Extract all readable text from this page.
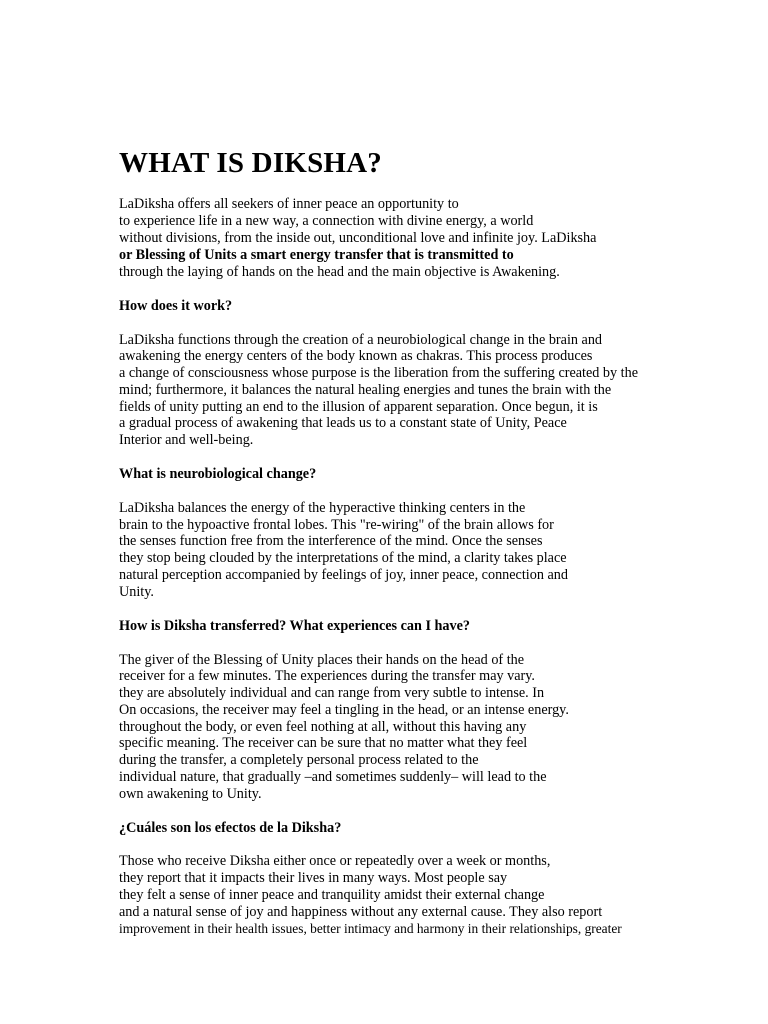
WHAT IS DIKSHA?
LaDiksha offers all seekers of inner peace an opportunity to
to experience life in a new way, a connection with divine energy, a world
without divisions, from the inside out, unconditional love and infinite joy. LaDiksha
or Blessing of Units a smart energy transfer that is transmitted to
through the laying of hands on the head and the main objective is Awakening.
How does it work?
LaDiksha functions through the creation of a neurobiological change in the brain and
awakening the energy centers of the body known as chakras. This process produces
a change of consciousness whose purpose is the liberation from the suffering created by the
mind; furthermore, it balances the natural healing energies and tunes the brain with the
fields of unity putting an end to the illusion of apparent separation. Once begun, it is
a gradual process of awakening that leads us to a constant state of Unity, Peace
Interior and well-being.
What is neurobiological change?
LaDiksha balances the energy of the hyperactive thinking centers in the
brain to the hypoactive frontal lobes. This "re-wiring" of the brain allows for
the senses function free from the interference of the mind. Once the senses
they stop being clouded by the interpretations of the mind, a clarity takes place
natural perception accompanied by feelings of joy, inner peace, connection and
Unity.
How is Diksha transferred? What experiences can I have?
The giver of the Blessing of Unity places their hands on the head of the
receiver for a few minutes. The experiences during the transfer may vary.
they are absolutely individual and can range from very subtle to intense. In
On occasions, the receiver may feel a tingling in the head, or an intense energy.
throughout the body, or even feel nothing at all, without this having any
specific meaning. The receiver can be sure that no matter what they feel
during the transfer, a completely personal process related to the
individual nature, that gradually –and sometimes suddenly– will lead to the
own awakening to Unity.
¿Cuáles son los efectos de la Diksha?
Those who receive Diksha either once or repeatedly over a week or months,
they report that it impacts their lives in many ways. Most people say
they felt a sense of inner peace and tranquility amidst their external change
and a natural sense of joy and happiness without any external cause. They also report
improvement in their health issues, better intimacy and harmony in their relationships, greater
